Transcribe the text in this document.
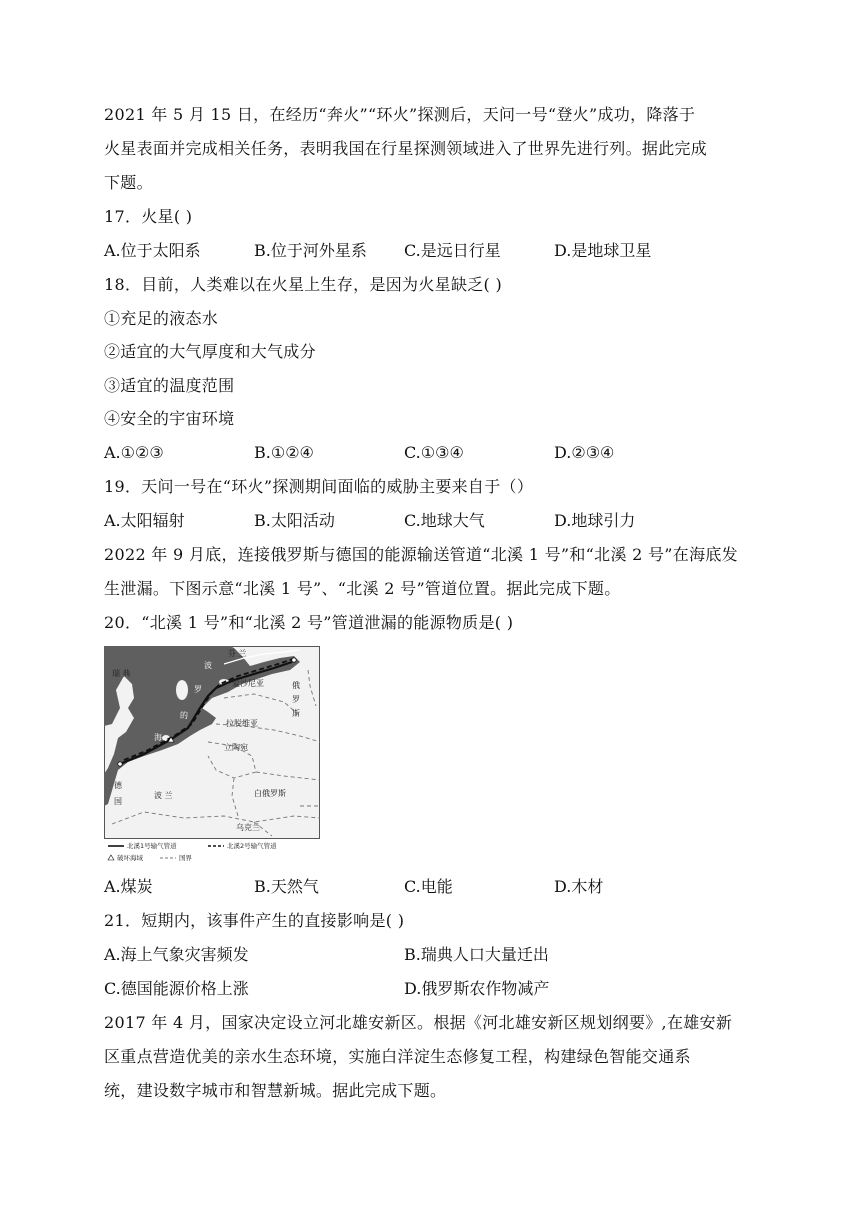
2021 年 5 月 15 日，在经历“奔火”“环火”探测后，天问一号“登火”成功，降落于
火星表面并完成相关任务，表明我国在行星探测领域进入了世界先进行列。据此完成
下题。
17．火星( )
A.位于太阳系	B.位于河外星系 C.是远日行星	D.是地球卫星
18．目前，人类难以在火星上生存，是因为火星缺乏( )
①充足的液态水
②适宜的大气厚度和大气成分
③适宜的温度范围
④安全的宇宙环境
A.①②③	B.①②④	C.①③④	D.②③④
19．天问一号在“环火”探测期间面临的威胁主要来自于（）
A.太阳辐射	B.太阳活动	C.地球大气	D.地球引力
2022 年 9 月底，连接俄罗斯与德国的能源输送管道“北溪 1 号”和“北溪 2 号”在海底发
生泄漏。下图示意“北溪 1 号”、“北溪 2 号”管道位置。据此完成下题。
20．“北溪 1 号”和“北溪 2 号”管道泄漏的能源物质是( )
瑞 典
芬 兰
波
罗
的
海
爱沙尼亚	俄
罗
斯
拉脱维亚
立陶宛
德
国
波 兰	白俄罗斯
乌克兰
北溪1号输气管道	北溪2号输气管道
破坏海域	国界
A.煤炭	B.天然气	C.电能	D.木材
21．短期内，该事件产生的直接影响是( )
A.海上气象灾害频发	B.瑞典人口大量迁出
C.德国能源价格上涨	D.俄罗斯农作物减产
2017 年 4 月，国家决定设立河北雄安新区。根据《河北雄安新区规划纲要》,在雄安新
区重点营造优美的亲水生态环境，实施白洋淀生态修复工程，构建绿色智能交通系
统，建设数字城市和智慧新城。据此完成下题。
